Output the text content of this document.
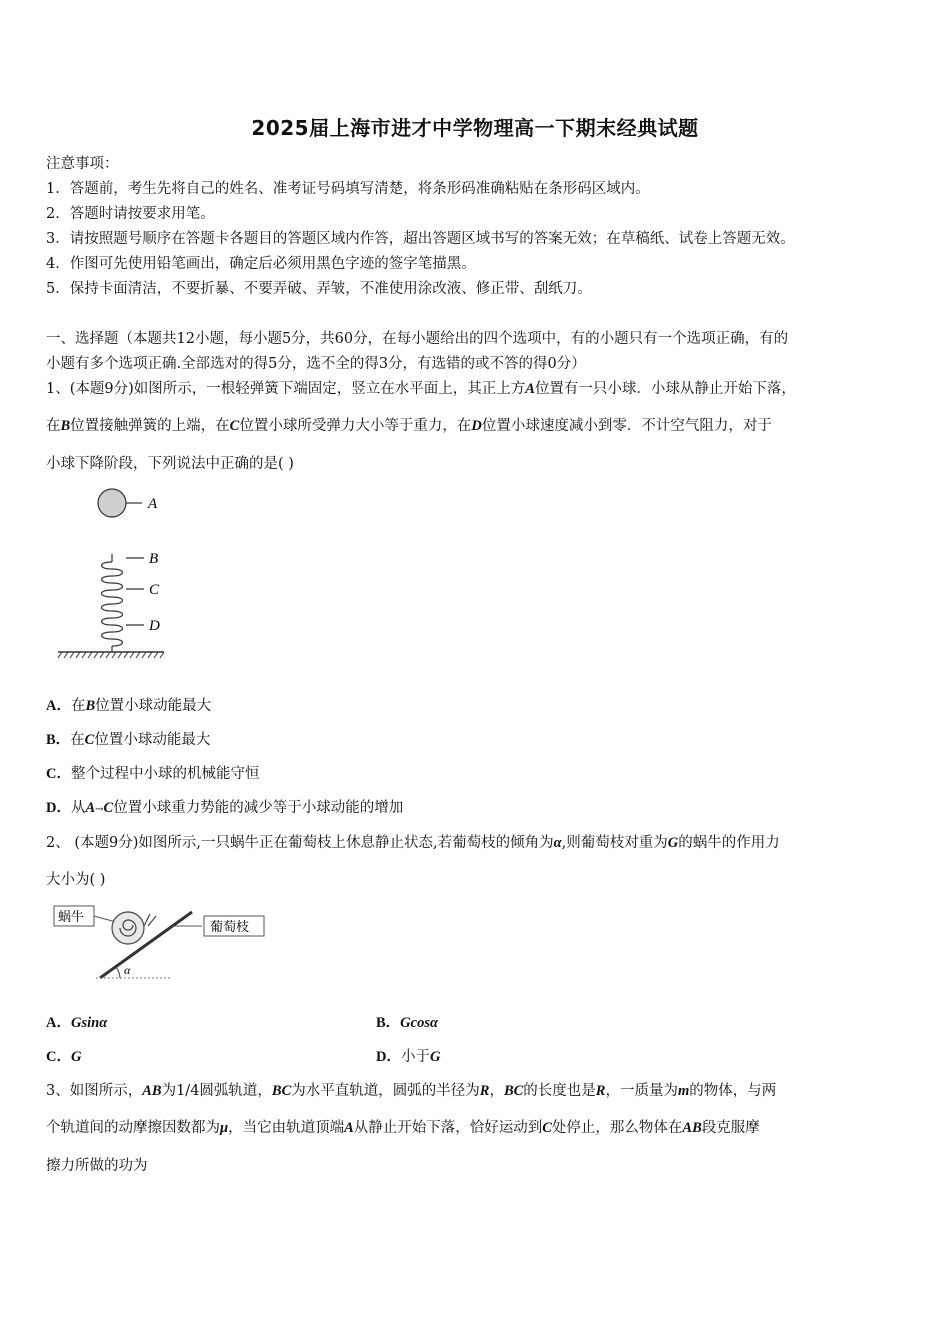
2025届上海市进才中学物理高一下期末经典试题
注意事项：
1．答题前，考生先将自己的姓名、准考证号码填写清楚，将条形码准确粘贴在条形码区域内。
2．答题时请按要求用笔。
3．请按照题号顺序在答题卡各题目的答题区域内作答，超出答题区域书写的答案无效；在草稿纸、试卷上答题无效。
4．作图可先使用铅笔画出，确定后必须用黑色字迹的签字笔描黑。
5．保持卡面清洁，不要折暴、不要弄破、弄皱，不准使用涂改液、修正带、刮纸刀。
一、选择题（本题共12小题，每小题5分，共60分，在每小题给出的四个选项中，有的小题只有一个选项正确，有的
小题有多个选项正确.全部选对的得5分，选不全的得3分，有选错的或不答的得0分）
1、(本题9分)如图所示，一根轻弹簧下端固定，竖立在水平面上，其正上方A位置有一只小球．小球从静止开始下落，
在B位置接触弹簧的上端，在C位置小球所受弹力大小等于重力，在D位置小球速度减小到零．不计空气阻力，对于
小球下降阶段，下列说法中正确的是( )
A
B
C
D
A．在B位置小球动能最大
B．在C位置小球动能最大
C．整个过程中小球的机械能守恒
D．从A→C位置小球重力势能的减少等于小球动能的增加
2、 (本题9分)如图所示,一只蜗牛正在葡萄枝上休息静止状态,若葡萄枝的倾角为α,则葡萄枝对重为G的蜗牛的作用力
大小为( )
蜗牛
葡萄枝
α
A．Gsinα	B．Gcosα
C．G	D．小于G
3、如图所示，AB为1/4圆弧轨道，BC为水平直轨道，圆弧的半径为R，BC的长度也是R，一质量为m的物体，与两
个轨道间的动摩擦因数都为μ，当它由轨道顶端A从静止开始下落，恰好运动到C处停止，那么物体在AB段克服摩
擦力所做的功为
